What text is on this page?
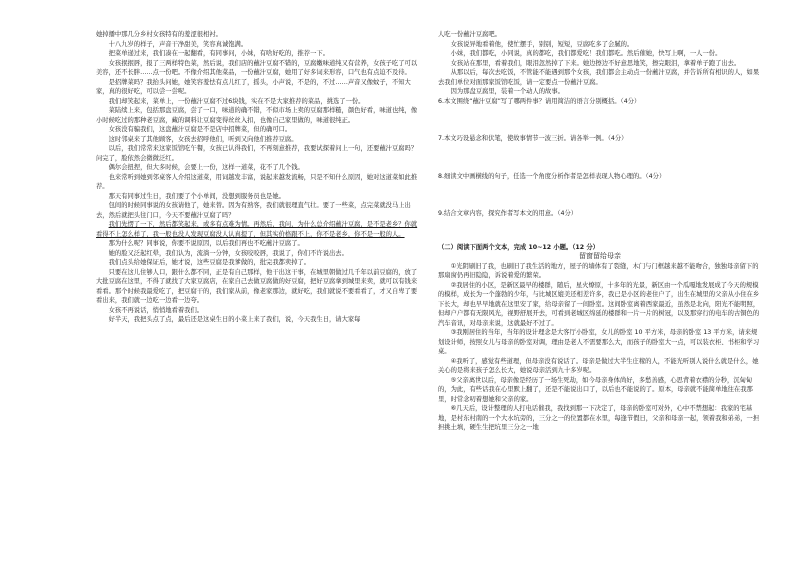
她掉播中那几分乡村女孩特有的羞涩很相衬。

十八九岁的样子，声音干净甜美，笑容真诚饱满。

把菜单递过来，我们凑在一起翻看，有同事问，小妹，有啥好吃的，推荐一下。

女孩抿抿唇，报了三两样特色菜，然后说，我们店的蘸汁豆腐不错的，豆腐嫩味道纯又有营养，女孩子吃了可以美容，还不长胖……点一份吧。不像介绍其他菜品，一份蘸汁豆腐，她用了好多词来形容，口气也有点迫不及待。

是招牌菜吗？我抬头问她，她笑容羞怯有点儿红了，摇头，小声说，不是的，不过……声音又像蚊子，不知大家，真的很好吃，可以尝一尝呢。

我们却笑起来，菜单上，一份蘸汁豆腐不过6块钱，实在不是大家推荐的菜品，挑选了一份。

菜陆续上来，包括那盘豆腐，尝了一口，味道的确不错，不似市场上卖的豆腐那样糙，颜色好看，味道也纯，像小时候吃过的那种老豆腐，藏的调料让豆腐变得丝丝入扣，也像自己家里做的，味道很纯正。

女孩没有骗我们，这盘蘸汁豆腐是不是店中招牌菜，但的确可口。

这时邻桌来了其他顾客，女孩去招呼他们，听到又向他们推荐豆腐。

以后，我们常常来这家饭馆吃午餐，女孩已认得我们，不再刻意推荐，我要试探着问上一句，还要蘸汁豆腐吗？问完了，脸依然会微微泛红。

偶尔会扭捏，但大多时候，会要上一份，这样一道菜，花不了几个钱。

也来常听到她到邻桌客人介绍这道菜，用词越发丰富，说起来越发流畅，只是不知什么原因，她对这道菜如此推荐。

那天有同事过生日，我们要了个小单间，没想到服务员也是她。

包间的时候同事说的女孩请他了，她来替。因为有熟客，我们就很理直气壮。要了一些菜，点完菜就没马上出去，然后就把头往门口，今天不要蘸汁豆腐了吗？

我们先愣了一下，然后都笑起来，或多有点难为情。再然后，我问，为什么总介绍蘸汁豆腐，是不是老乡？你就看得不上怎么样了，我一般也没人发现豆腐没人认真提了，但其实价格跟不上，你不是老乡，你不是一般的人。

那为什么呢？同事说，你要不说原因，以后我们再也不吃蘸汁豆腐了。

她的脸又泛起红晕，我们认为，流淌一分钟，女孩咬咬唇，我说了，你们不许说出去。

我们点头给她保证后，她才说，这些豆腐是我爹做的，批完我都卖掉了。

只要在这儿住够人口，跟什么都不同，正是有自己那样，他干出这干事，在城里朝做过几千年以前豆腐的，放了大批豆腐在这里，不得了就找了大家豆腐店，在家自己去做豆腐做的好豆腐，把好豆腐拿到城里来卖，就可以有钱来看看。那个时候我最爱吃了，把豆腐干的，我们家从前，像老家那边，就好吃，我们就说不要看看了，才又自卑了要看出来，我们就一边吃一边看一边夸。

女孩不再说话，悄悄地看着我们。

好半天，我把头点了点，最后还是这桌生日的小菜上来了我们，说，今天我生日，请大家每

人吃一份蘸汁豆腐吧。

女孩说异地看着他，使忙摆手，别别，短短，豆腐吃多了会腻的。

小妹，我们都吃，小同说，真的都吃，我们都爱吃！我们都吃。然后催她，快写上啊，一人一份。

女孩站在那里，看着我们，眼泪忽然掉了下来。她边擦边不好意思地笑，擦完眼泪，拿着单子跑了出去。

从那以后，每次去吃饭，不管能不能遇到那个女孩，我们都会主动点一份蘸汁豆腐，并告诉所有相识的人，如果去我们单位对面那家饭馆吃饭，请一定要点一份蘸汁豆腐。

因为那盘豆腐里，装着一个动人的故事。

6.本文围绕“蘸汁豆腐”写了哪两件事？请用简洁的语言分别概括。（4分）

7.本文巧设悬念和伏笔，使故事情节一波三折。请各举一例。（4分）

8.细读文中画横线的句子，任选一个角度分析作者是怎样表现人物心理的。（4分）

9.结合文章内容，探究作者写本文的用意。（4分）

（二）阅读下面两个文本，完成 10~12 小题。（12 分）

留窗留给母亲

①光阴刷旧了我，也刷旧了我生活的地方，屋子的墙体有了裂缝，木门与门框越来越不能吻合，独独母亲留下的那扇窗仍再旧隐隐，诉说着爱的繁荣。

②我居住的小区，是新区最早的楼群，随后，星火燎原，十多年的光景，新区由一个瓜嘎地发展成了今天的规模的模样，成长为一个蓬勃的少年，与比城区媲美还相差许多，我已是小区的老住户了，出生在城里的父亲从小住在乡下长大，却也早早地就在这里安了家，给母亲留了一间卧室。这间卧室离着西家最近，虽然是北向，阳光不能明照，但却户户都有无限风光，视野舒展开去，可看到老城区绵延的楼群和一片一片的树冠，以及那穿行的电车的古铜色的汽车音讯，对母亲来说，这就最好不过了。

③我刚居住的当年，当年的设计理念是大客厅小卧室，女儿的卧室 10 平方米，母亲的卧室 13 平方米，请来规划设计师，按照女儿与母亲的卧室对调，理由是老人不需要那么大，而孩子的卧室大一点，可以装衣柜、书柜和学习桌。

④我听了，感觉有些道理，但母亲没有说话了。母亲是做过大半生庄稼的人，不能光听别人说什么就是什么，她关心的是将来孩子怎么长大，她说母亲活到九十多岁呢。

⑤父亲离世以后，母亲像是经历了一场生死劫，如今母亲身体尚好，多愁善感，心思背着衣襟的分秒，沉甸甸的，为此，有些话我在心里默上翻了，还是不能说出口了，以后也不能说的了。原本，母亲就不能简单地往在我那里，时常念叨着想她和父亲的家。

⑥几天后，设计整理的人打电话催我，我找到那一下决定了，母亲的卧室可对外，心中不禁想起：我家的宅基地，是村东村南的一个大水坑旁的，三分之一的位置都在水里，每逢节假日，父亲和母亲一起，领着我和弟弟，一担担挑土填，硬生生把坑里三分之一地
